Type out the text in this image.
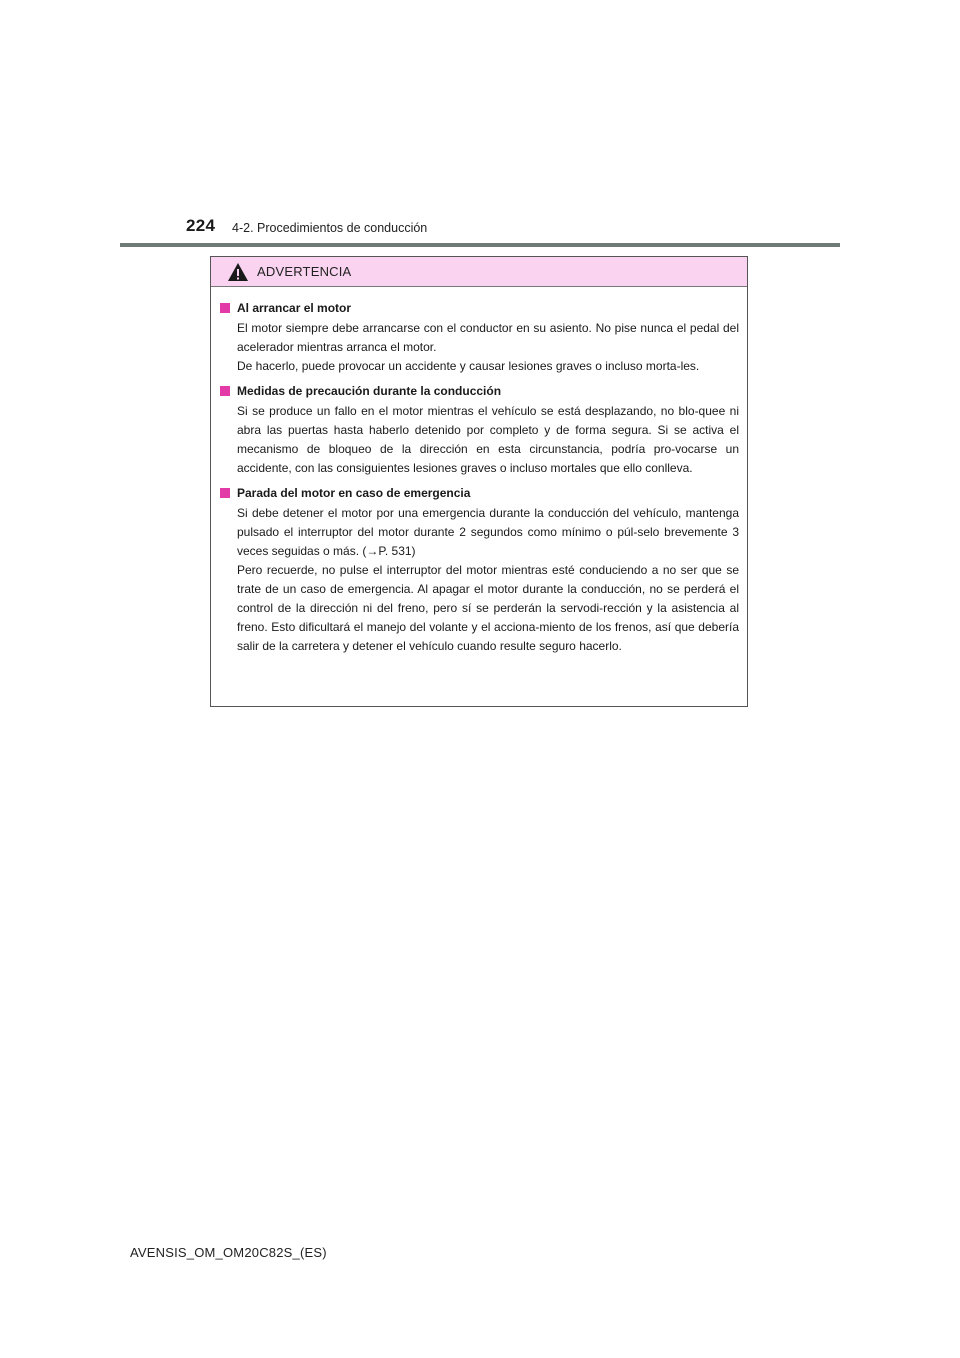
224 4-2. Procedimientos de conducción
ADVERTENCIA
Al arrancar el motor

El motor siempre debe arrancarse con el conductor en su asiento. No pise nunca el pedal del acelerador mientras arranca el motor.

De hacerlo, puede provocar un accidente y causar lesiones graves o incluso morta-les.

Medidas de precaución durante la conducción

Si se produce un fallo en el motor mientras el vehículo se está desplazando, no blo-quee ni abra las puertas hasta haberlo detenido por completo y de forma segura. Si se activa el mecanismo de bloqueo de la dirección en esta circunstancia, podría pro-vocarse un accidente, con las consiguientes lesiones graves o incluso mortales que ello conlleva.

Parada del motor en caso de emergencia

Si debe detener el motor por una emergencia durante la conducción del vehículo, mantenga pulsado el interruptor del motor durante 2 segundos como mínimo o púl-selo brevemente 3 veces seguidas o más. (→P. 531)

Pero recuerde, no pulse el interruptor del motor mientras esté conduciendo a no ser que se trate de un caso de emergencia. Al apagar el motor durante la conducción, no se perderá el control de la dirección ni del freno, pero sí se perderán la servodi-rección y la asistencia al freno. Esto dificultará el manejo del volante y el acciona-miento de los frenos, así que debería salir de la carretera y detener el vehículo cuando resulte seguro hacerlo.

AVENSIS_OM_OM20C82S_(ES)
